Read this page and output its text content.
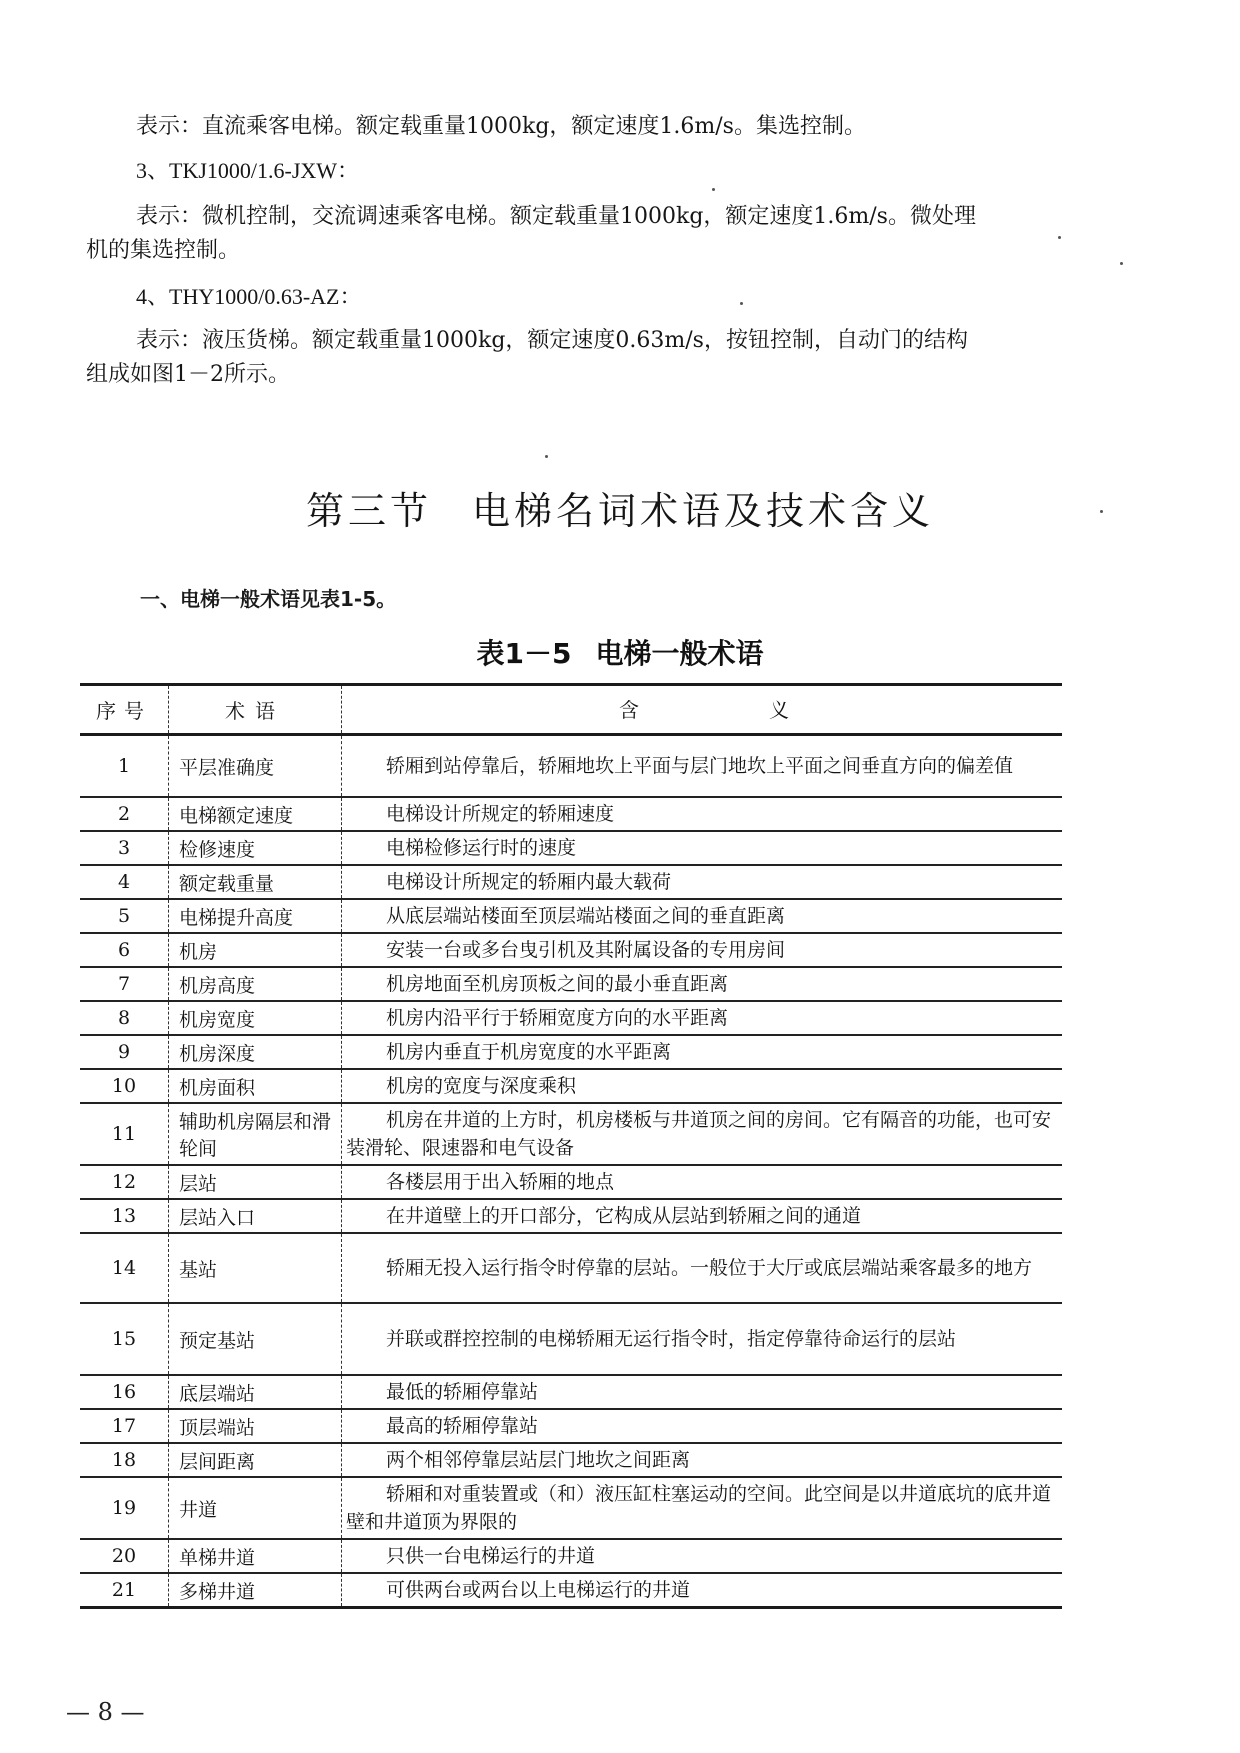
表示：直流乘客电梯。额定载重量1000kg，额定速度1.6m/s。集选控制。
3、TKJ1000/1.6-JXW：
表示：微机控制，交流调速乘客电梯。额定载重量1000kg，额定速度1.6m/s。微处理
机的集选控制。
4、THY1000/0.63-AZ：
表示：液压货梯。额定载重量1000kg，额定速度0.63m/s，按钮控制，自动门的结构
组成如图1－2所示。
第三节 电梯名词术语及技术含义
一、电梯一般术语见表1-5。
表1－5 电梯一般术语
序号	术语	含 义
1	平层准确度	轿厢到站停靠后，轿厢地坎上平面与层门地坎上平面之间垂直方向的偏差值
2	电梯额定速度	电梯设计所规定的轿厢速度
3	检修速度	电梯检修运行时的速度
4	额定载重量	电梯设计所规定的轿厢内最大载荷
5	电梯提升高度	从底层端站楼面至顶层端站楼面之间的垂直距离
6	机房	安装一台或多台曳引机及其附属设备的专用房间
7	机房高度	机房地面至机房顶板之间的最小垂直距离
8	机房宽度	机房内沿平行于轿厢宽度方向的水平距离
9	机房深度	机房内垂直于机房宽度的水平距离
10	机房面积	机房的宽度与深度乘积
11	辅助机房隔层和滑轮间	机房在井道的上方时，机房楼板与井道顶之间的房间。它有隔音的功能，也可安装滑轮、限速器和电气设备
12	层站	各楼层用于出入轿厢的地点
13	层站入口	在井道壁上的开口部分，它构成从层站到轿厢之间的通道
14	基站	轿厢无投入运行指令时停靠的层站。一般位于大厅或底层端站乘客最多的地方
15	预定基站	并联或群控控制的电梯轿厢无运行指令时，指定停靠待命运行的层站
16	底层端站	最低的轿厢停靠站
17	顶层端站	最高的轿厢停靠站
18	层间距离	两个相邻停靠层站层门地坎之间距离
19	井道	轿厢和对重装置或（和）液压缸柱塞运动的空间。此空间是以井道底坑的底井道壁和井道顶为界限的
20	单梯井道	只供一台电梯运行的井道
21	多梯井道	可供两台或两台以上电梯运行的井道
— 8 —
